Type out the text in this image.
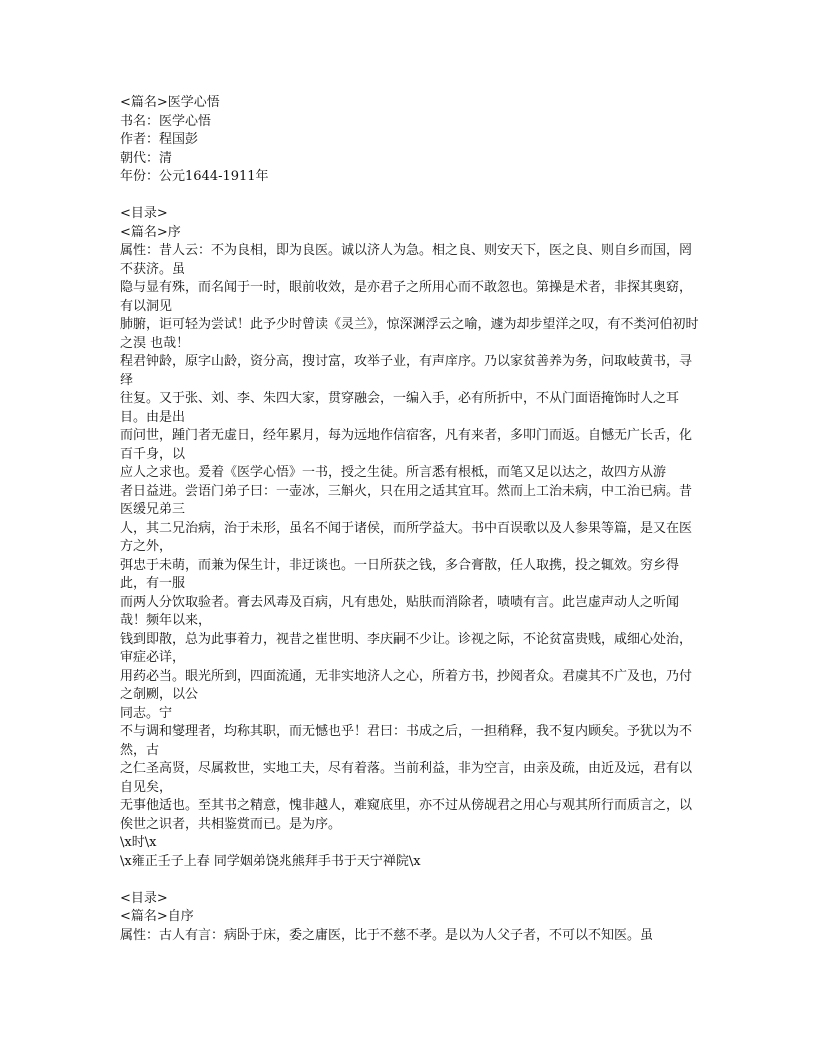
<篇名>医学心悟
书名：医学心悟
作者：程国彭
朝代：清
年份：公元1644-1911年
<目录>
<篇名>序
属性：昔人云：不为良相，即为良医。诚以济人为急。相之良、则安天下，医之良、则自乡而国，罔不获济。虽
隐与显有殊，而名闻于一时，眼前收效，是亦君子之所用心而不敢忽也。第操是术者，非探其奥窈，有以洞见
肺腑，讵可轻为尝试！此予少时曾读《灵兰》，惊深渊浮云之喻，遽为却步望洋之叹，有不类河伯初时之淏 也哉！
程君钟龄，原字山龄，资分高，搜讨富，攻举子业，有声庠序。乃以家贫善养为务，问取岐黄书，寻绎
往复。又于张、刘、李、朱四大家，贯穿融会，一编入手，必有所折中，不从门面语掩饰时人之耳目。由是出
而问世，踵门者无虚日，经年累月，每为远地作信宿客，凡有来者，多叩门而返。自憾无广长舌，化百千身，以
应人之求也。爰着《医学心悟》一书，授之生徒。所言悉有根柢，而笔又足以达之，故四方从游
者日益进。尝语门弟子曰：一壶冰，三斛火，只在用之适其宜耳。然而上工治未病，中工治已病。昔医缓兄弟三
人，其二兄治病，治于未形，虽名不闻于诸侯，而所学益大。书中百误歌以及人参果等篇，是又在医方之外，
弭忠于未萌，而兼为保生计，非迂谈也。一日所获之钱，多合膏散，任人取携，投之辄效。穷乡得此，有一服
而两人分饮取验者。膏去风毒及百病，凡有患处，贴肤而消除者，啧啧有言。此岂虚声动人之听闻哉！频年以来，
钱到即散，总为此事着力，视昔之崔世明、李庆嗣不少让。诊视之际，不论贫富贵贱，咸细心处治，审症必详，
用药必当。眼光所到，四面流通，无非实地济人之心，所着方书，抄阅者众。君虞其不广及也，乃付之剞劂，以公
同志。宁
不与调和燮理者，均称其职，而无憾也乎！君曰：书成之后，一担稍释，我不复内顾矣。予犹以为不然，古
之仁圣高贤，尽属救世，实地工夫，尽有着落。当前利益，非为空言，由亲及疏，由近及远，君有以自见矣，
无事他适也。至其书之精意，愧非越人，难窥底里，亦不过从傍觇君之用心与观其所行而质言之，以俟世之识者，共相鉴赏而已。是为序。
\x时\x
\x雍正壬子上春 同学姻弟饶兆熊拜手书于天宁禅院\x
<目录>
<篇名>自序
属性：古人有言：病卧于床，委之庸医，比于不慈不孝。是以为人父子者，不可以不知医。虽
